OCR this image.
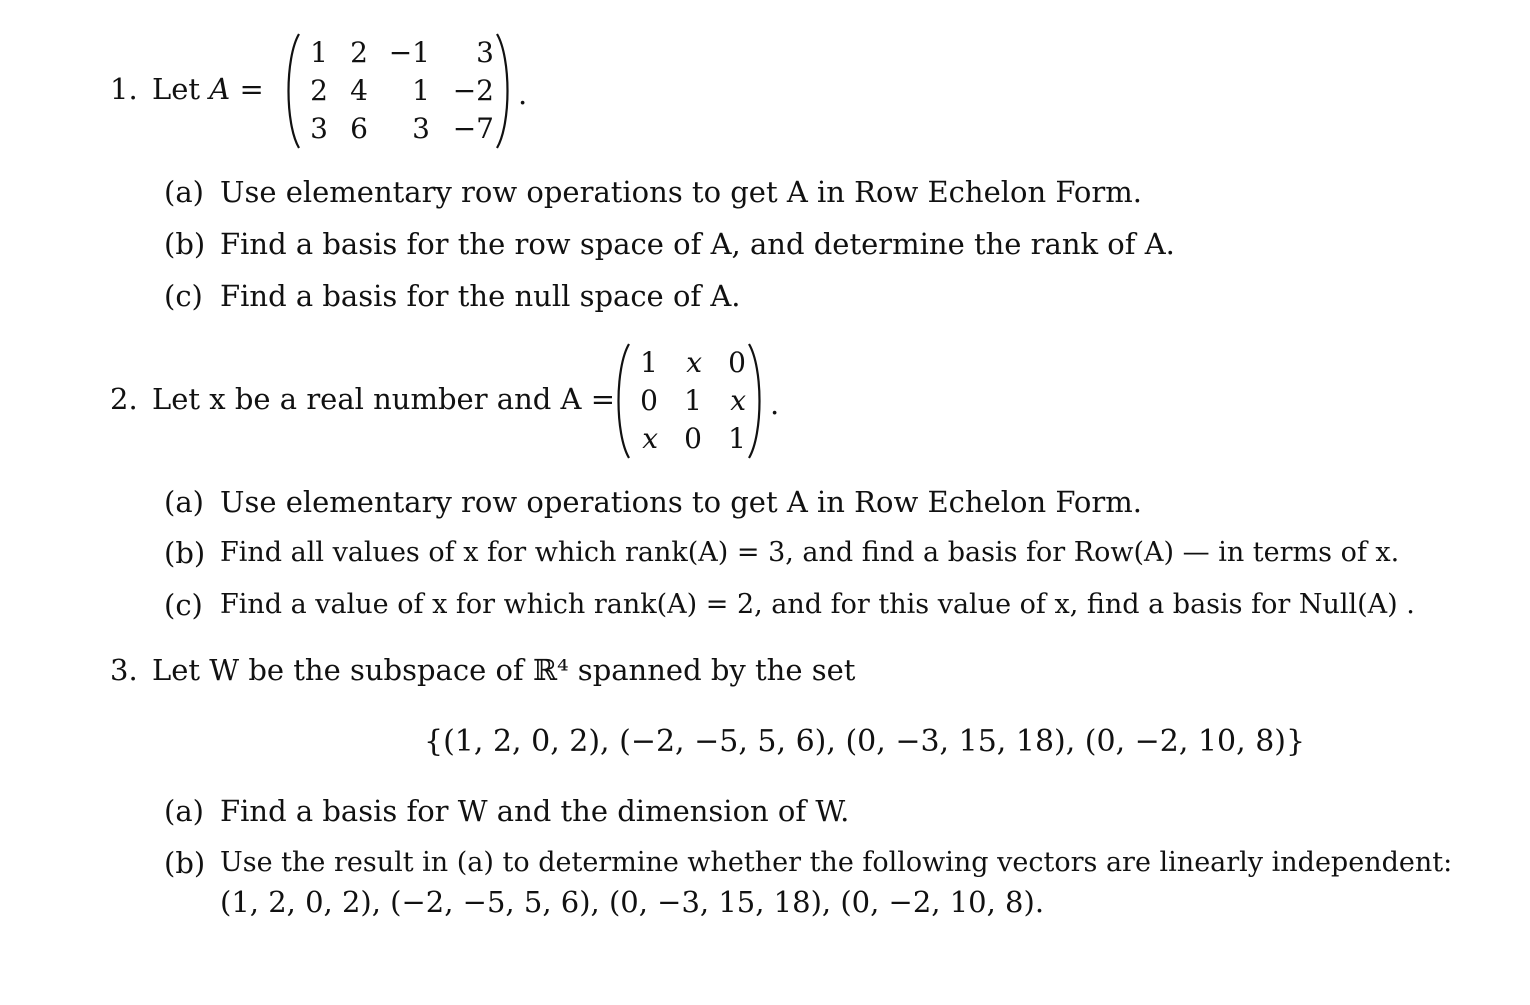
1. Let A =
1 2 −1	3
2 4	1 −2
3 6	3 −7
.
(a) Use elementary row operations to get A in Row Echelon Form.
(b) Find a basis for the row space of A, and determine the rank of A.
(c) Find a basis for the null space of A.
2. Let x be a real number and A =
1	x 0
0 1	x
x 0 1
.
(a) Use elementary row operations to get A in Row Echelon Form.
(b) Find all values of x for which rank(A) = 3, and find a basis for Row(A) — in terms of x.
(c) Find a value of x for which rank(A) = 2, and for this value of x, find a basis for Null(A) .
3. Let W be the subspace of ℝ⁴ spanned by the set
{(1, 2, 0, 2), (−2, −5, 5, 6), (0, −3, 15, 18), (0, −2, 10, 8)}
(a) Find a basis for W and the dimension of W.
(b) Use the result in (a) to determine whether the following vectors are linearly independent:
(1, 2, 0, 2), (−2, −5, 5, 6), (0, −3, 15, 18), (0, −2, 10, 8).
